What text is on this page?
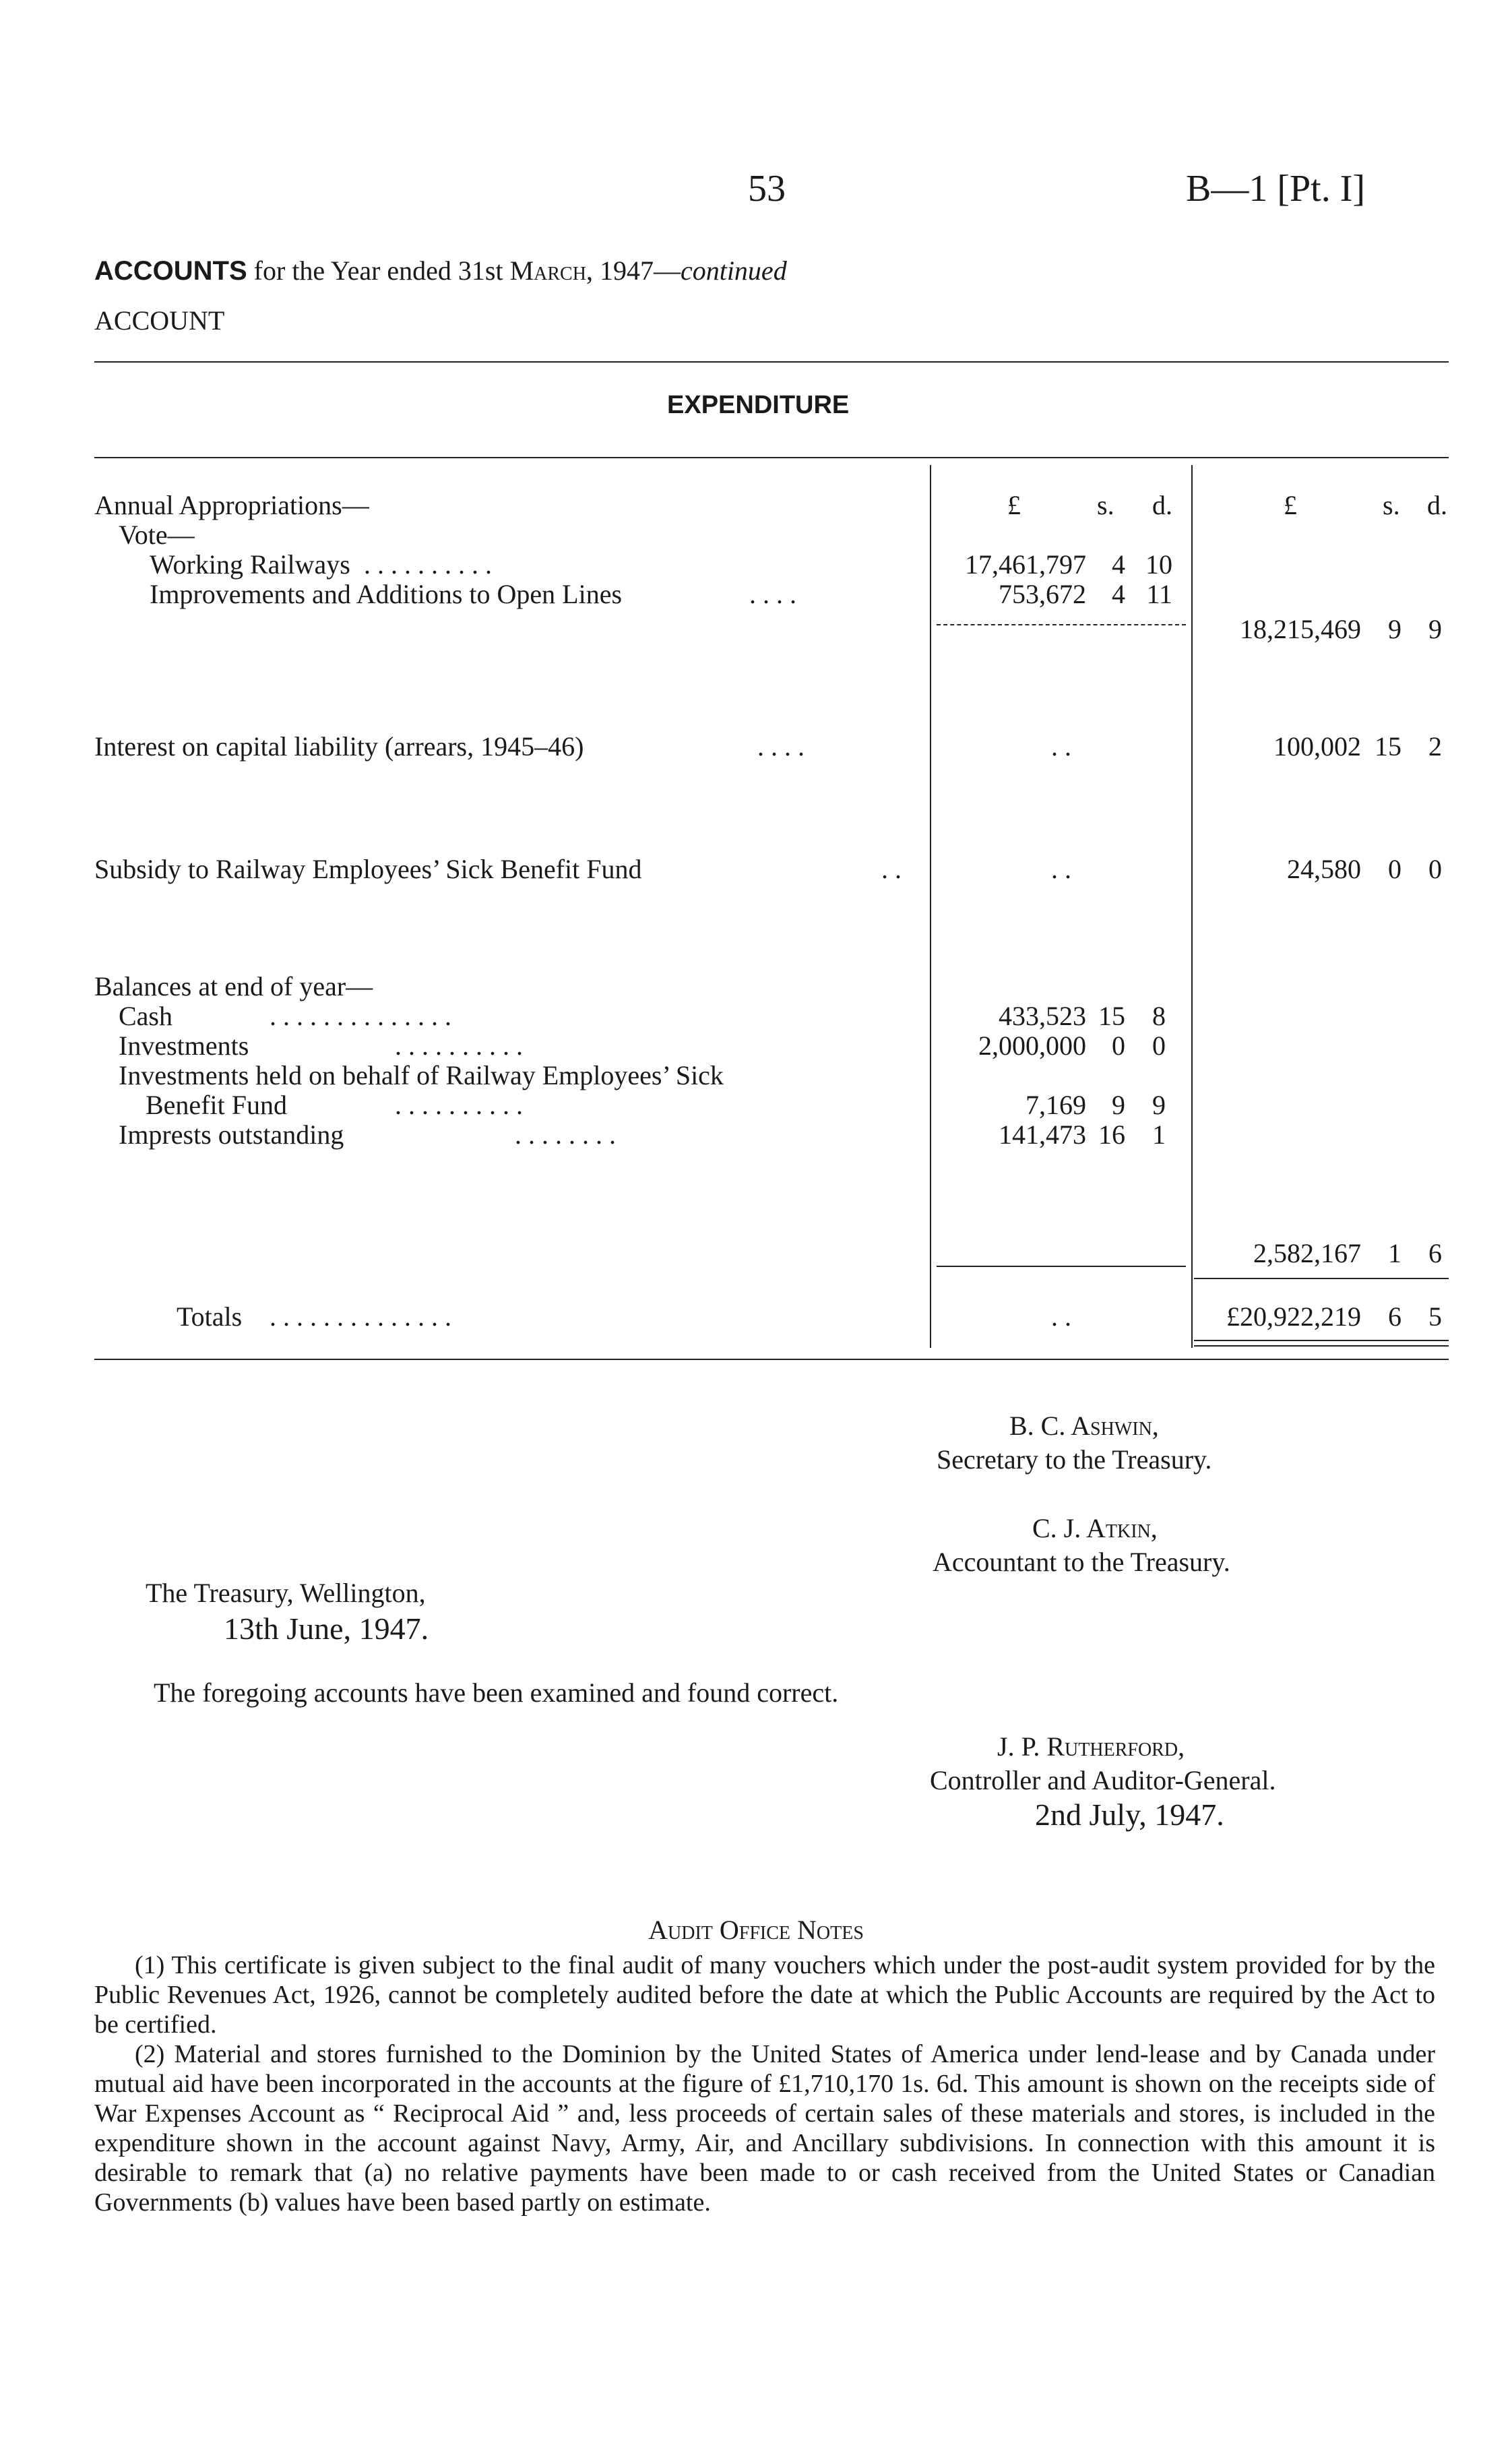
53	B—1 [Pt. I]
ACCOUNTS for the Year ended 31st March, 1947—continued
ACCOUNT
EXPENDITURE
£	s. d.	£	s. d.
Annual Appropriations—
Vote—
Working Railways . . . . . . . . . .	17,461,797 4 10
Improvements and Additions to Open Lines	. . . .	753,672 4 11
18,215,469	9	9
Interest on capital liability (arrears, 1945–46)	. . . .	. .	100,002 15	2
Subsidy to Railway Employees’ Sick Benefit Fund	. .	. .	24,580	0	0
Balances at end of year—
Cash	. . . . . . . . . . . . . .	433,523 15	8
Investments	. . . . . . . . . .	2,000,000 0	0
Investments held on behalf of Railway Employees’ Sick
Benefit Fund	. . . . . . . . . .	7,169 9	9
Imprests outstanding	. . . . . . . .	141,473 16	1
2,582,167	1	6
Totals . . . . . . . . . . . . . .	. .	£20,922,219	6	5
B. C. Ashwin,
Secretary to the Treasury.
C. J. Atkin,
Accountant to the Treasury.
The Treasury, Wellington,
13th June, 1947.
The foregoing accounts have been examined and found correct.
J. P. Rutherford,
Controller and Auditor-General.
2nd July, 1947.
Audit Office Notes

(1) This certificate is given subject to the final audit of many vouchers which under the post-audit system provided for by the Public Revenues Act, 1926, cannot be completely audited before the date at which the Public Accounts are required by the Act to be certified.

(2) Material and stores furnished to the Dominion by the United States of America under lend-lease and by Canada under mutual aid have been incorporated in the accounts at the figure of £1,710,170 1s. 6d. This amount is shown on the receipts side of War Expenses Account as “ Reciprocal Aid ” and, less proceeds of certain sales of these materials and stores, is included in the expenditure shown in the account against Navy, Army, Air, and Ancillary subdivisions. In connection with this amount it is desirable to remark that (a) no relative payments have been made to or cash received from the United States or Canadian Governments (b) values have been based partly on estimate.
